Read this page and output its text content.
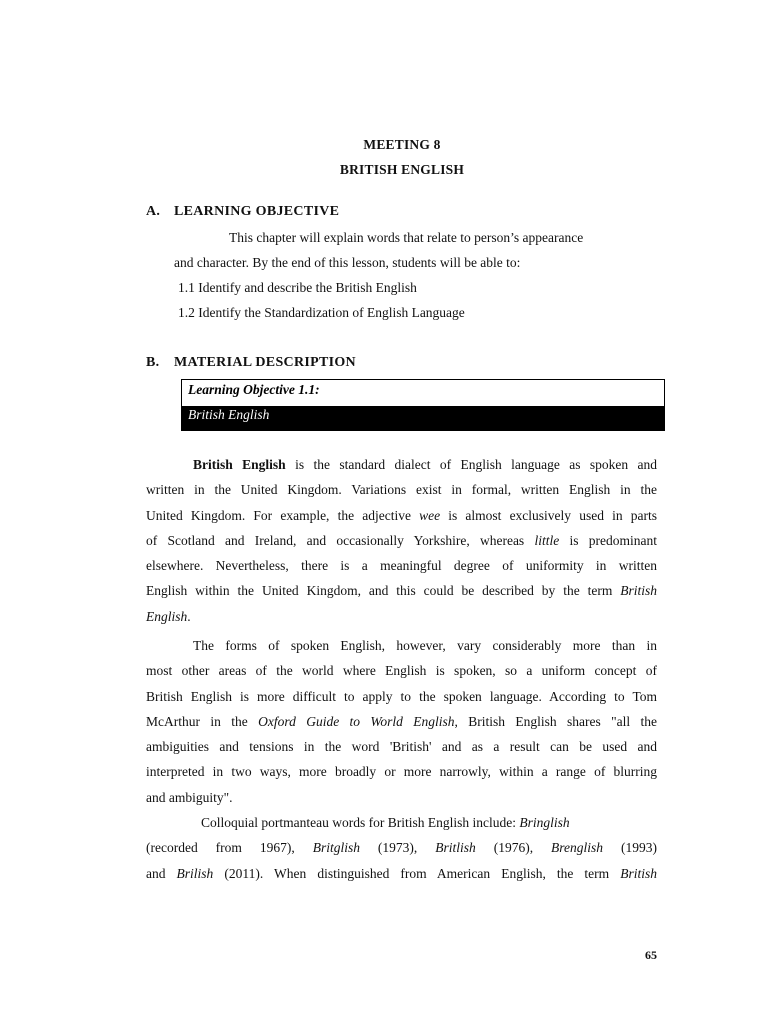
MEETING 8
BRITISH ENGLISH
A. LEARNING OBJECTIVE
This chapter will explain words that relate to person’s appearance
and character. By the end of this lesson, students will be able to:
1.1 Identify and describe the British English
1.2 Identify the Standardization of English Language
B. MATERIAL DESCRIPTION
Learning Objective 1.1:
British English
British English is the standard dialect of English language as spoken and
written in the United Kingdom. Variations exist in formal, written English in the
United Kingdom. For example, the adjective wee is almost exclusively used in parts
of Scotland and Ireland, and occasionally Yorkshire, whereas little is predominant
elsewhere. Nevertheless, there is a meaningful degree of uniformity in written
English within the United Kingdom, and this could be described by the term British
English.
The forms of spoken English, however, vary considerably more than in
most other areas of the world where English is spoken, so a uniform concept of
British English is more difficult to apply to the spoken language. According to Tom
McArthur in the Oxford Guide to World English, British English shares "all the
ambiguities and tensions in the word 'British' and as a result can be used and
interpreted in two ways, more broadly or more narrowly, within a range of blurring
and ambiguity".
Colloquial portmanteau words for British English include: Bringlish
(recorded from 1967), Britglish (1973), Britlish (1976), Brenglish (1993)
and Brilish (2011). When distinguished from American English, the term British
65
